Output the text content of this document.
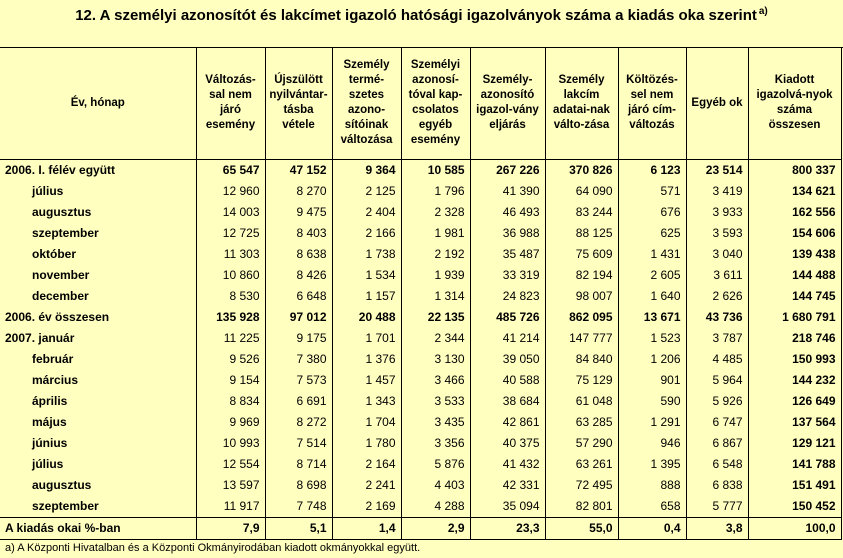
12. A személyi azonosítót és lakcímet igazoló hatósági igazolványok száma a kiadás oka szerint $^{a)}$
Év, hónap	Változás-sal nem járó esemény	Újszülött nyilvántar-tásba vétele	Személy termé-szetes azono-sítóinak változása	Személyi azonosí-tóval kap-csolatos egyéb esemény	Személy-azonosító igazol-vány eljárás	Személy lakcím adatai-nak válto-zása	Költözés-sel nem járó cím-változás	Egyéb ok	Kiadott igazolvá-nyok száma összesen
2006. I. félév együtt	65 547	47 152	9 364	10 585	267 226	370 826	6 123	23 514	800 337
július	12 960	8 270	2 125	1 796	41 390	64 090	571	3 419	134 621
augusztus	14 003	9 475	2 404	2 328	46 493	83 244	676	3 933	162 556
szeptember	12 725	8 403	2 166	1 981	36 988	88 125	625	3 593	154 606
október	11 303	8 638	1 738	2 192	35 487	75 609	1 431	3 040	139 438
november	10 860	8 426	1 534	1 939	33 319	82 194	2 605	3 611	144 488
december	8 530	6 648	1 157	1 314	24 823	98 007	1 640	2 626	144 745
2006. év összesen	135 928	97 012	20 488	22 135	485 726	862 095	13 671	43 736	1 680 791
2007. január	11 225	9 175	1 701	2 344	41 214	147 777	1 523	3 787	218 746
február	9 526	7 380	1 376	3 130	39 050	84 840	1 206	4 485	150 993
március	9 154	7 573	1 457	3 466	40 588	75 129	901	5 964	144 232
április	8 834	6 691	1 343	3 533	38 684	61 048	590	5 926	126 649
május	9 969	8 272	1 704	3 435	42 861	63 285	1 291	6 747	137 564
június	10 993	7 514	1 780	3 356	40 375	57 290	946	6 867	129 121
július	12 554	8 714	2 164	5 876	41 432	63 261	1 395	6 548	141 788
augusztus	13 597	8 698	2 241	4 403	42 331	72 495	888	6 838	151 491
szeptember	11 917	7 748	2 169	4 288	35 094	82 801	658	5 777	150 452
A kiadás okai %-ban	7,9	5,1	1,4	2,9	23,3	55,0	0,4	3,8	100,0
a) A Központi Hivatalban és a Központi Okmányirodában kiadott okmányokkal együtt.
